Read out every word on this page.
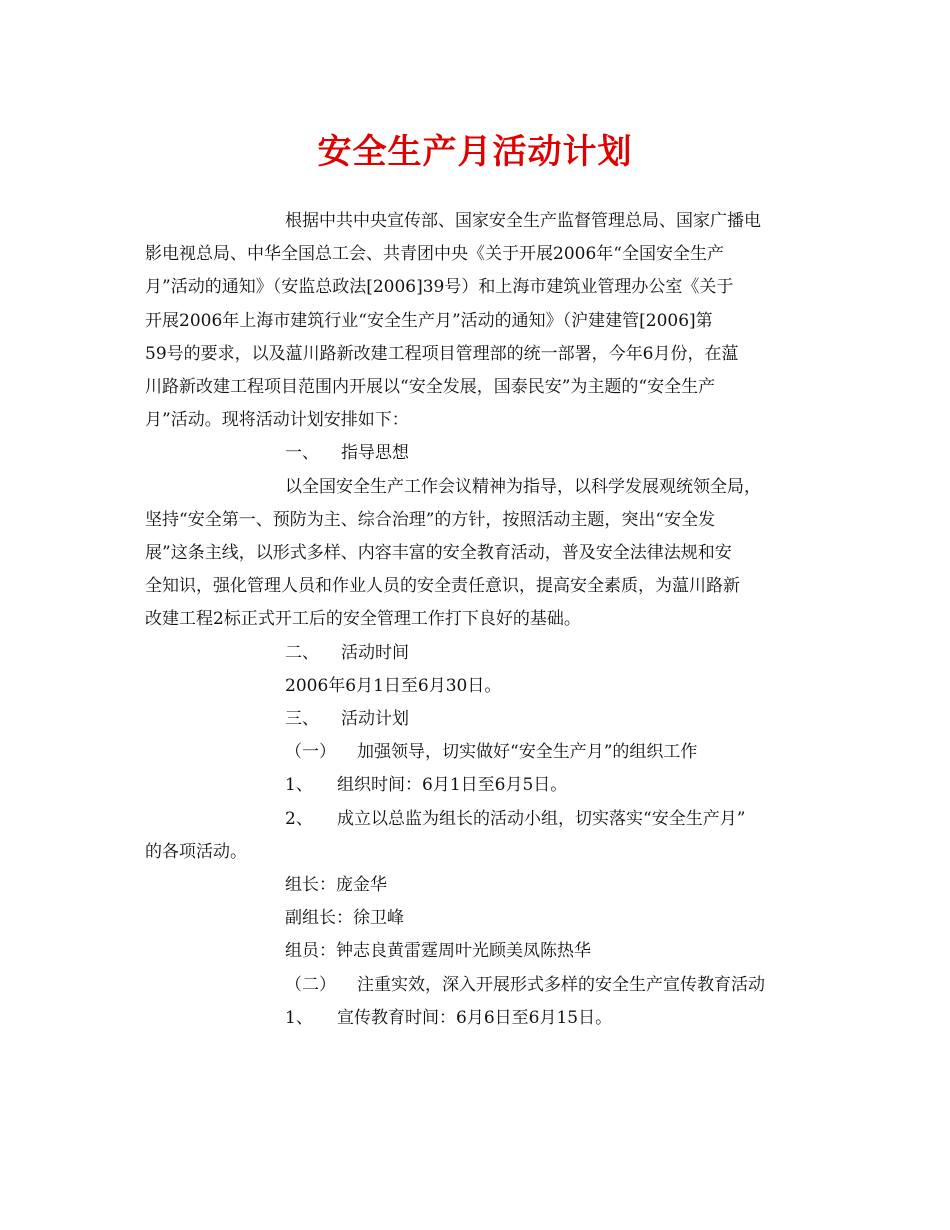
安全生产月活动计划

根据中共中央宣传部、国家安全生产监督管理总局、国家广播电
影电视总局、中华全国总工会、共青团中央《关于开展2006年“全国安全生产
月”活动的通知》（安监总政法[2006]39号）和上海市建筑业管理办公室《关于
开展2006年上海市建筑行业“安全生产月”活动的通知》（沪建建管[2006]第
59号的要求，以及蕰川路新改建工程项目管理部的统一部署，今年6月份，在蕰
川路新改建工程项目范围内开展以“安全发展，国泰民安”为主题的“安全生产
月”活动。现将活动计划安排如下：

一、 指导思想

以全国安全生产工作会议精神为指导，以科学发展观统领全局，
坚持“安全第一、预防为主、综合治理”的方针，按照活动主题，突出“安全发
展”这条主线，以形式多样、内容丰富的安全教育活动，普及安全法律法规和安
全知识，强化管理人员和作业人员的安全责任意识，提高安全素质，为蕰川路新
改建工程2标正式开工后的安全管理工作打下良好的基础。

二、 活动时间
2006年6月1日至6月30日。
三、 活动计划
（一） 加强领导，切实做好“安全生产月”的组织工作
1、 组织时间：6月1日至6月5日。
2、 成立以总监为组长的活动小组，切实落实“安全生产月”

的各项活动。

组长：庞金华
副组长：徐卫峰
组员：钟志良黄雷霆周叶光顾美凤陈热华
（二） 注重实效，深入开展形式多样的安全生产宣传教育活动
1、 宣传教育时间：6月6日至6月15日。
